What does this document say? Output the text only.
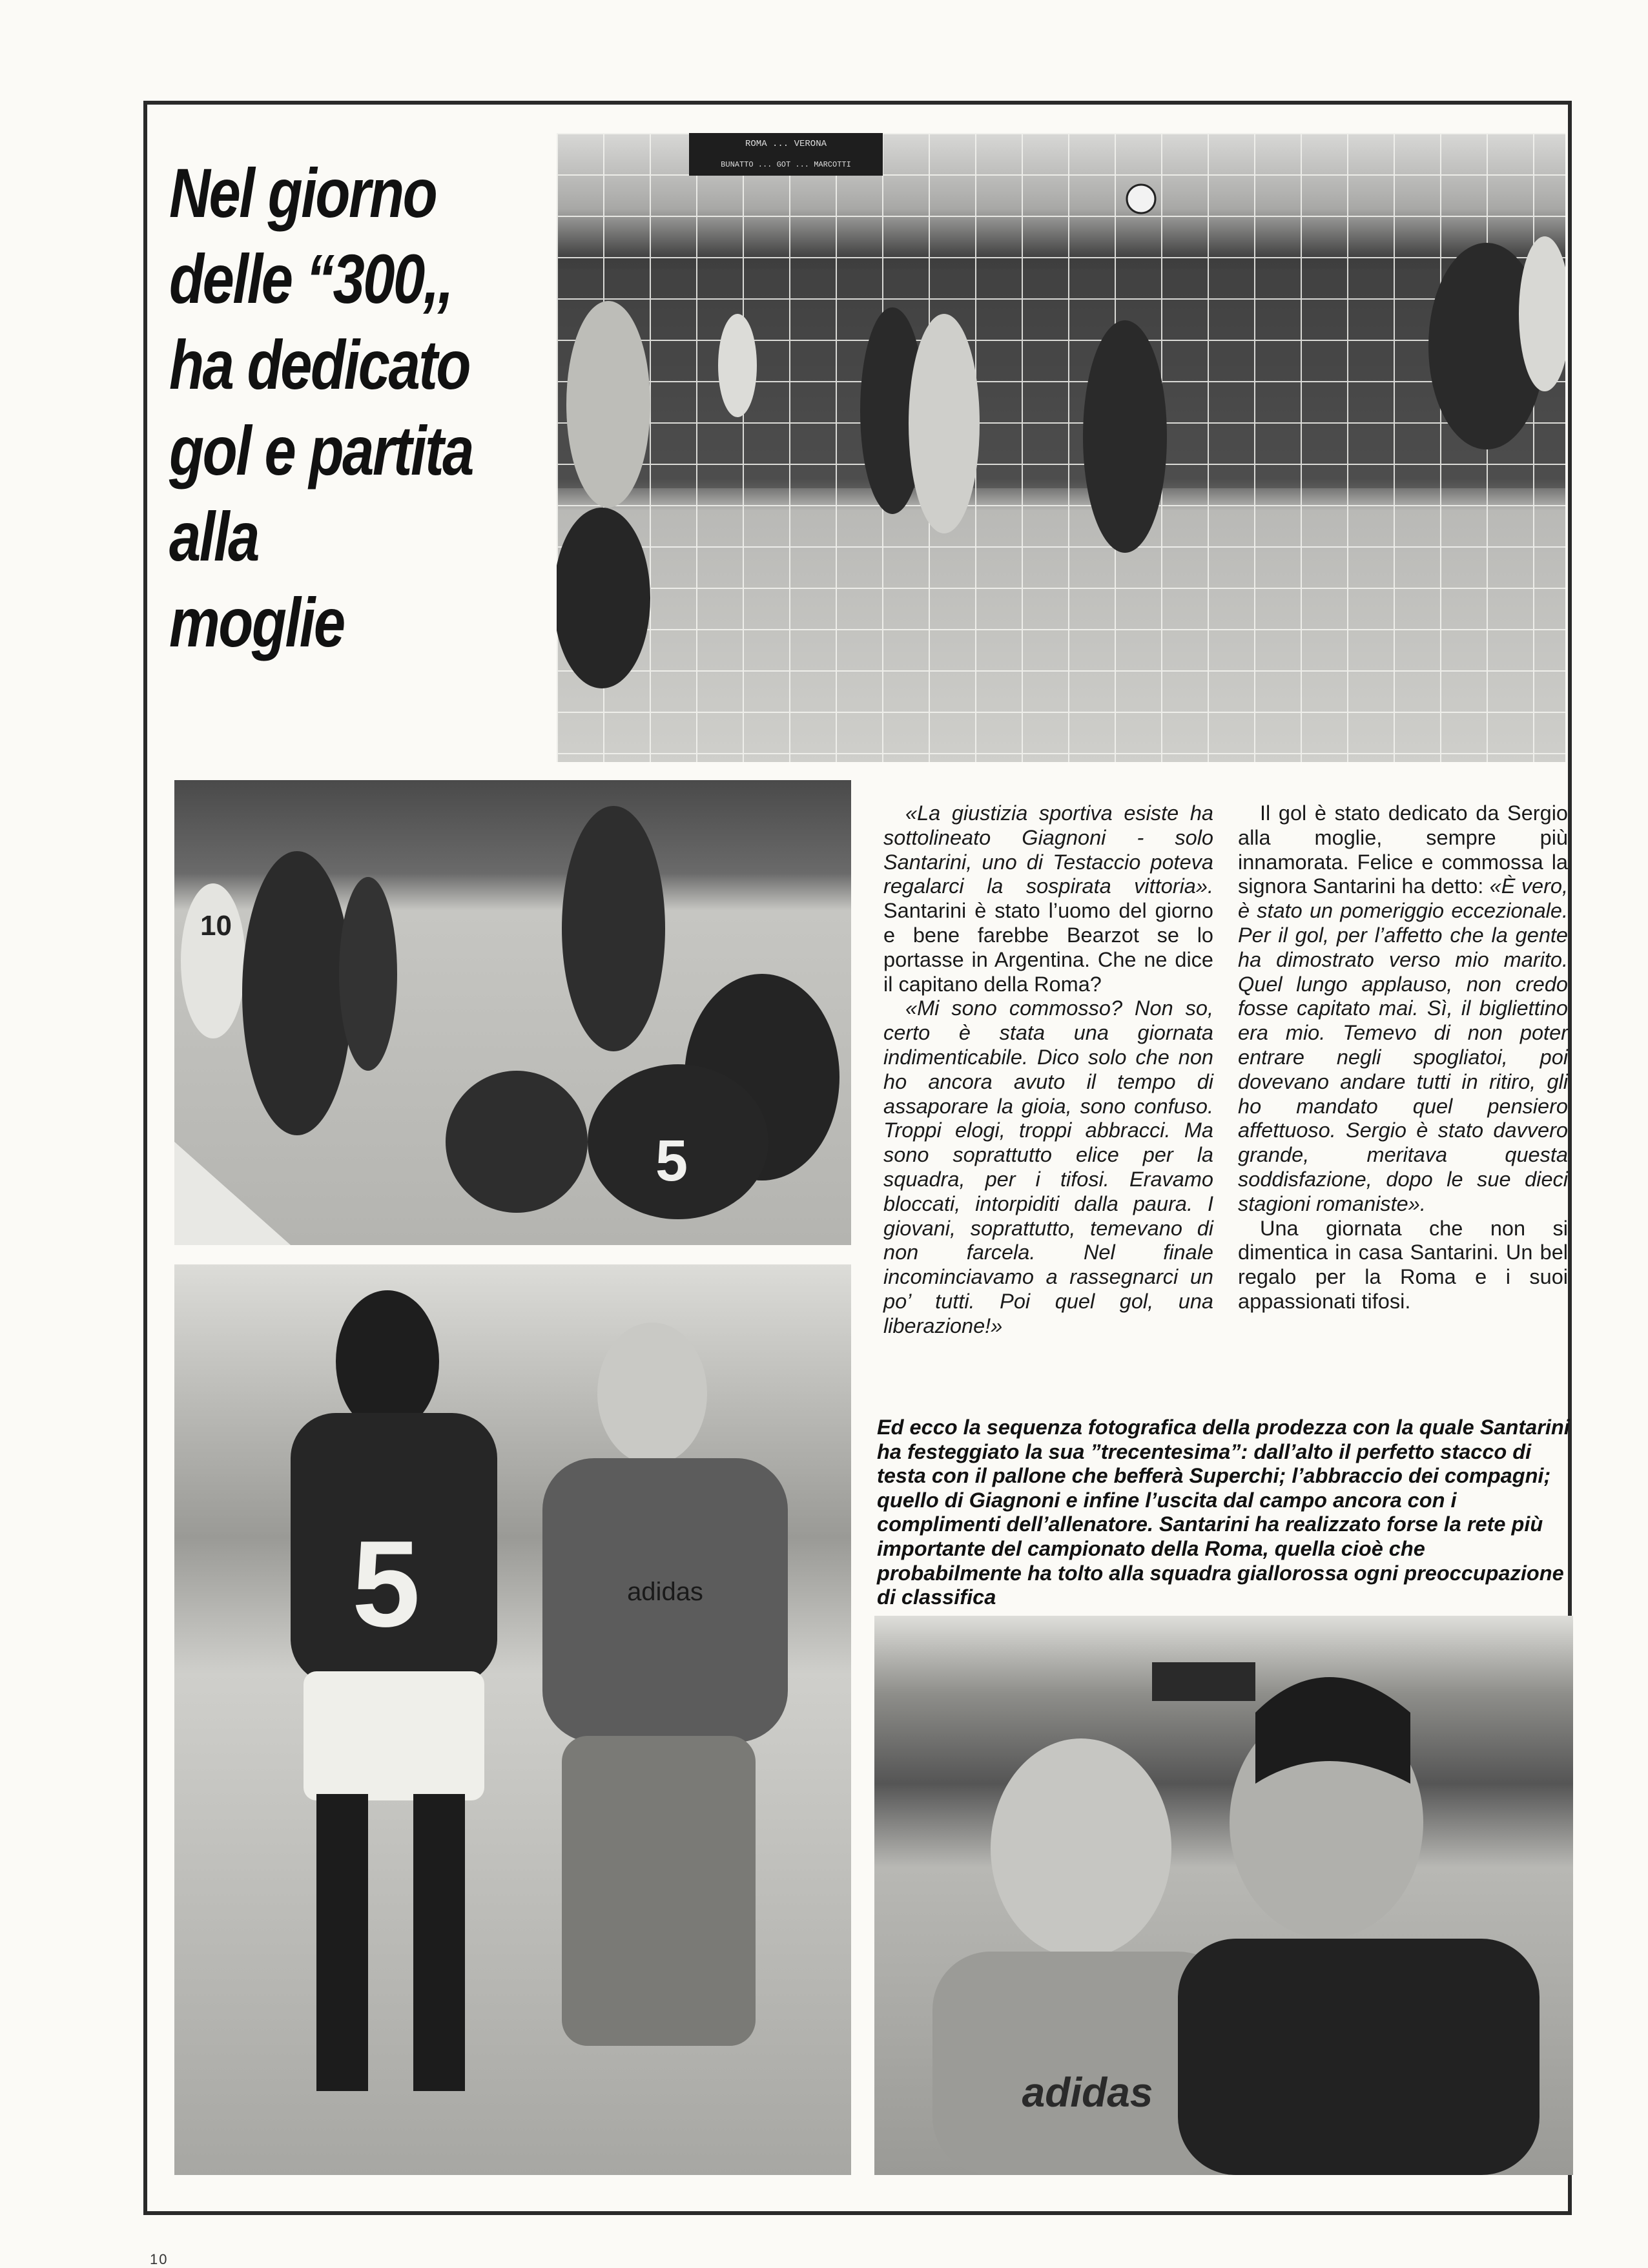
Nel giorno
delle “300,,
ha dedicato
gol e partita
alla
moglie
ROMA ... VERONA
BUNATTO ... GOT ... MARCOTTI
10
5
5	adidas
adidas

«La giustizia sportiva esiste ha sottolineato Giagnoni - solo Santarini, uno di Testaccio poteva regalarci la sospirata vittoria». Santarini è stato l’uomo del giorno e bene farebbe Bearzot se lo portasse in Argentina. Che ne dice il capitano della Roma?

«Mi sono commosso? Non so, certo è stata una giornata indimenticabile. Dico solo che non ho ancora avuto il tempo di assaporare la gioia, sono confuso. Troppi elogi, troppi abbracci. Ma sono soprattutto elice per la squadra, per i tifosi. Eravamo bloccati, intorpiditi dalla paura. I giovani, soprattutto, temevano di non farcela. Nel finale incominciavamo a rassegnarci un po’ tutti. Poi quel gol, una liberazione!»

Il gol è stato dedicato da Sergio alla moglie, sempre più innamorata. Felice e commossa la signora Santarini ha detto: «È vero, è stato un pomeriggio eccezionale. Per il gol, per l’affetto che la gente ha dimostrato verso mio marito. Quel lungo applauso, non credo fosse capitato mai. Sì, il bigliettino era mio. Temevo di non poter entrare negli spogliatoi, poi dovevano andare tutti in ritiro, gli ho mandato quel pensiero affettuoso. Sergio è stato davvero grande, meritava questa soddisfazione, dopo le sue dieci stagioni romaniste».

Una giornata che non si dimentica in casa Santarini. Un bel regalo per la Roma e i suoi appassionati tifosi.

Ed ecco la sequenza fotografica della prodezza con la quale Santarini ha festeggiato la sua ”trecentesima”: dall’alto il perfetto stacco di testa con il pallone che befferà Superchi; l’abbraccio dei compagni; quello di Giagnoni e infine l’uscita dal campo ancora con i complimenti dell’allenatore. Santarini ha realizzato forse la rete più importante del campionato della Roma, quella cioè che probabilmente ha tolto alla squadra giallorossa ogni preoccupazione di classifica
10
